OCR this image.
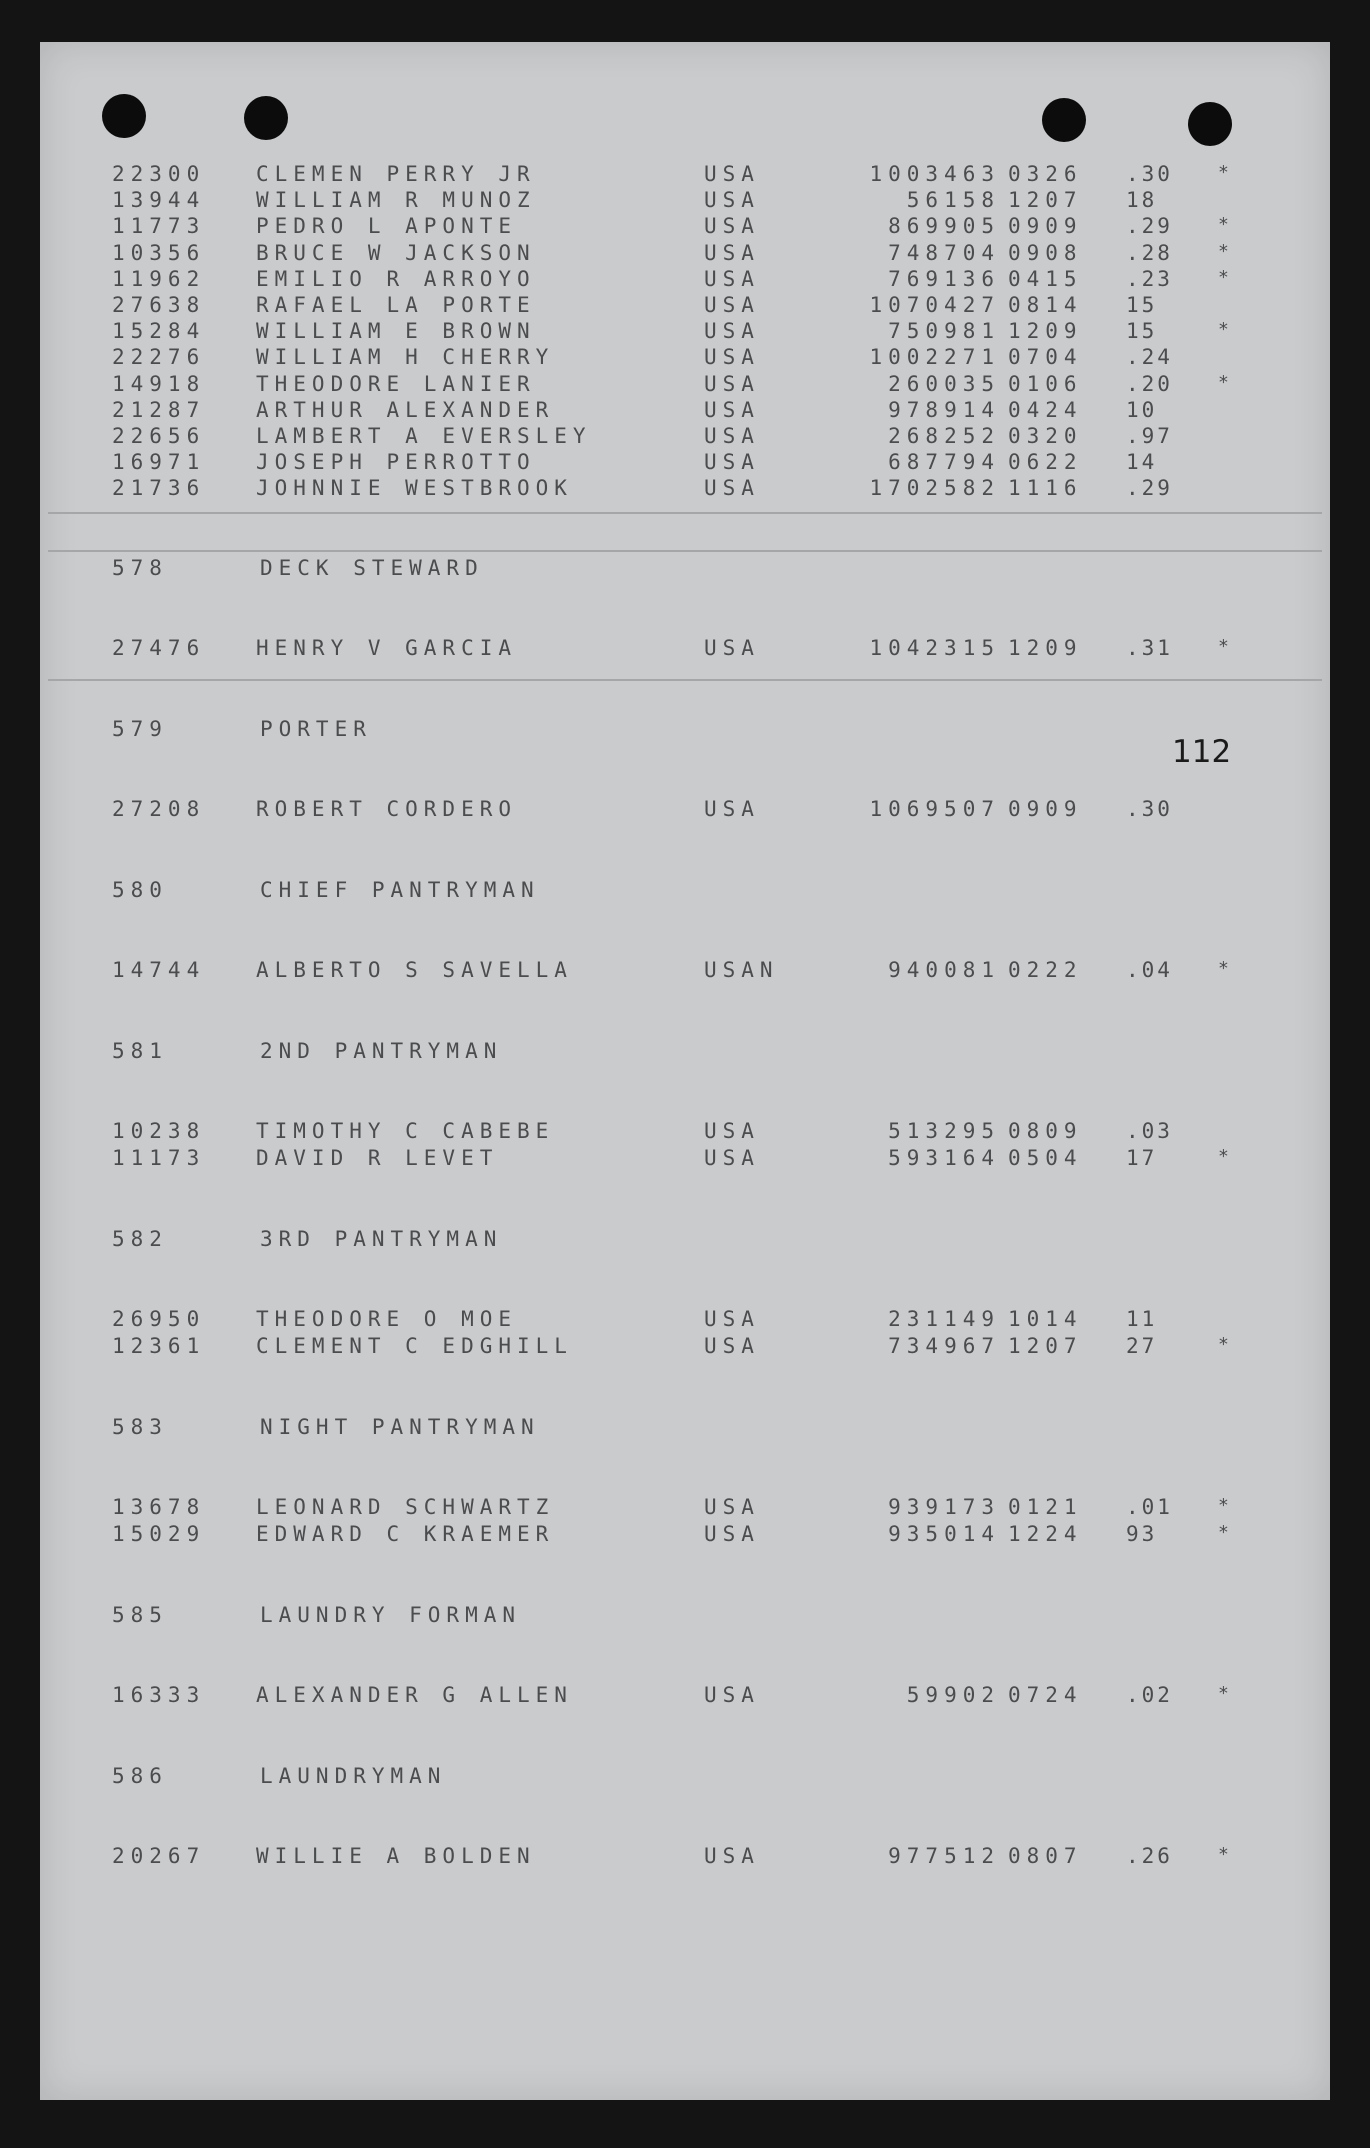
22300 CLEMEN PERRY JR	USA	1003463 0326 .30	*
13944 WILLIAM R MUNOZ	USA	56158 1207 18
11773 PEDRO L APONTE	USA	869905 0909 .29	*
10356 BRUCE W JACKSON	USA	748704 0908 .28	*
11962 EMILIO R ARROYO	USA	769136 0415 .23	*
27638 RAFAEL LA PORTE	USA	1070427 0814 15
15284 WILLIAM E BROWN	USA	750981 1209 15	*
22276 WILLIAM H CHERRY	USA	1002271 0704 .24
14918 THEODORE LANIER	USA	260035 0106 .20	*
21287 ARTHUR ALEXANDER	USA	978914 0424 10
22656 LAMBERT A EVERSLEY	USA	268252 0320 .97
16971 JOSEPH PERROTTO	USA	687794 0622 14
21736 JOHNNIE WESTBROOK	USA	1702582 1116 .29
578	DECK STEWARD
27476 HENRY V GARCIA	USA	1042315 1209 .31	*
579	PORTER
27208 ROBERT CORDERO	USA	1069507 0909 .30
580	CHIEF PANTRYMAN
14744 ALBERTO S SAVELLA	USAN	940081 0222 .04	*
581	2ND PANTRYMAN
10238 TIMOTHY C CABEBE	USA	513295 0809 .03
11173 DAVID R LEVET	USA	593164 0504 17	*
582	3RD PANTRYMAN
26950 THEODORE O MOE	USA	231149 1014 11
12361 CLEMENT C EDGHILL	USA	734967 1207 27	*
583	NIGHT PANTRYMAN
13678 LEONARD SCHWARTZ	USA	939173 0121 .01	*
15029 EDWARD C KRAEMER	USA	935014 1224 93	*
585	LAUNDRY FORMAN
16333 ALEXANDER G ALLEN	USA	59902 0724 .02	*
586	LAUNDRYMAN
20267 WILLIE A BOLDEN	USA	977512 0807 .26	*
112
